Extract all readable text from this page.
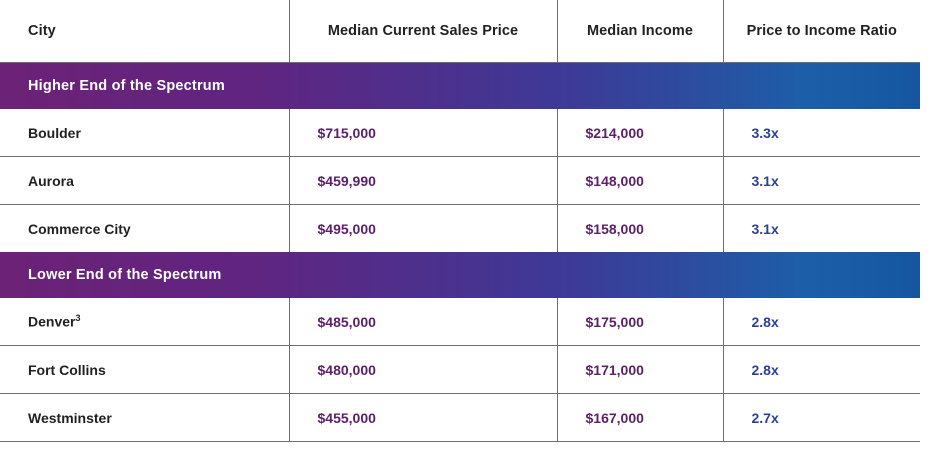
City	Median Current Sales Price	Median Income	Price to Income Ratio
Higher End of the Spectrum			
Boulder	$715,000	$214,000	3.3x
Aurora	$459,990	$148,000	3.1x
Commerce City	$495,000	$158,000	3.1x
Lower End of the Spectrum			
Denver$^3$	$485,000	$175,000	2.8x
Fort Collins	$480,000	$171,000	2.8x
Westminster	$455,000	$167,000	2.7x
